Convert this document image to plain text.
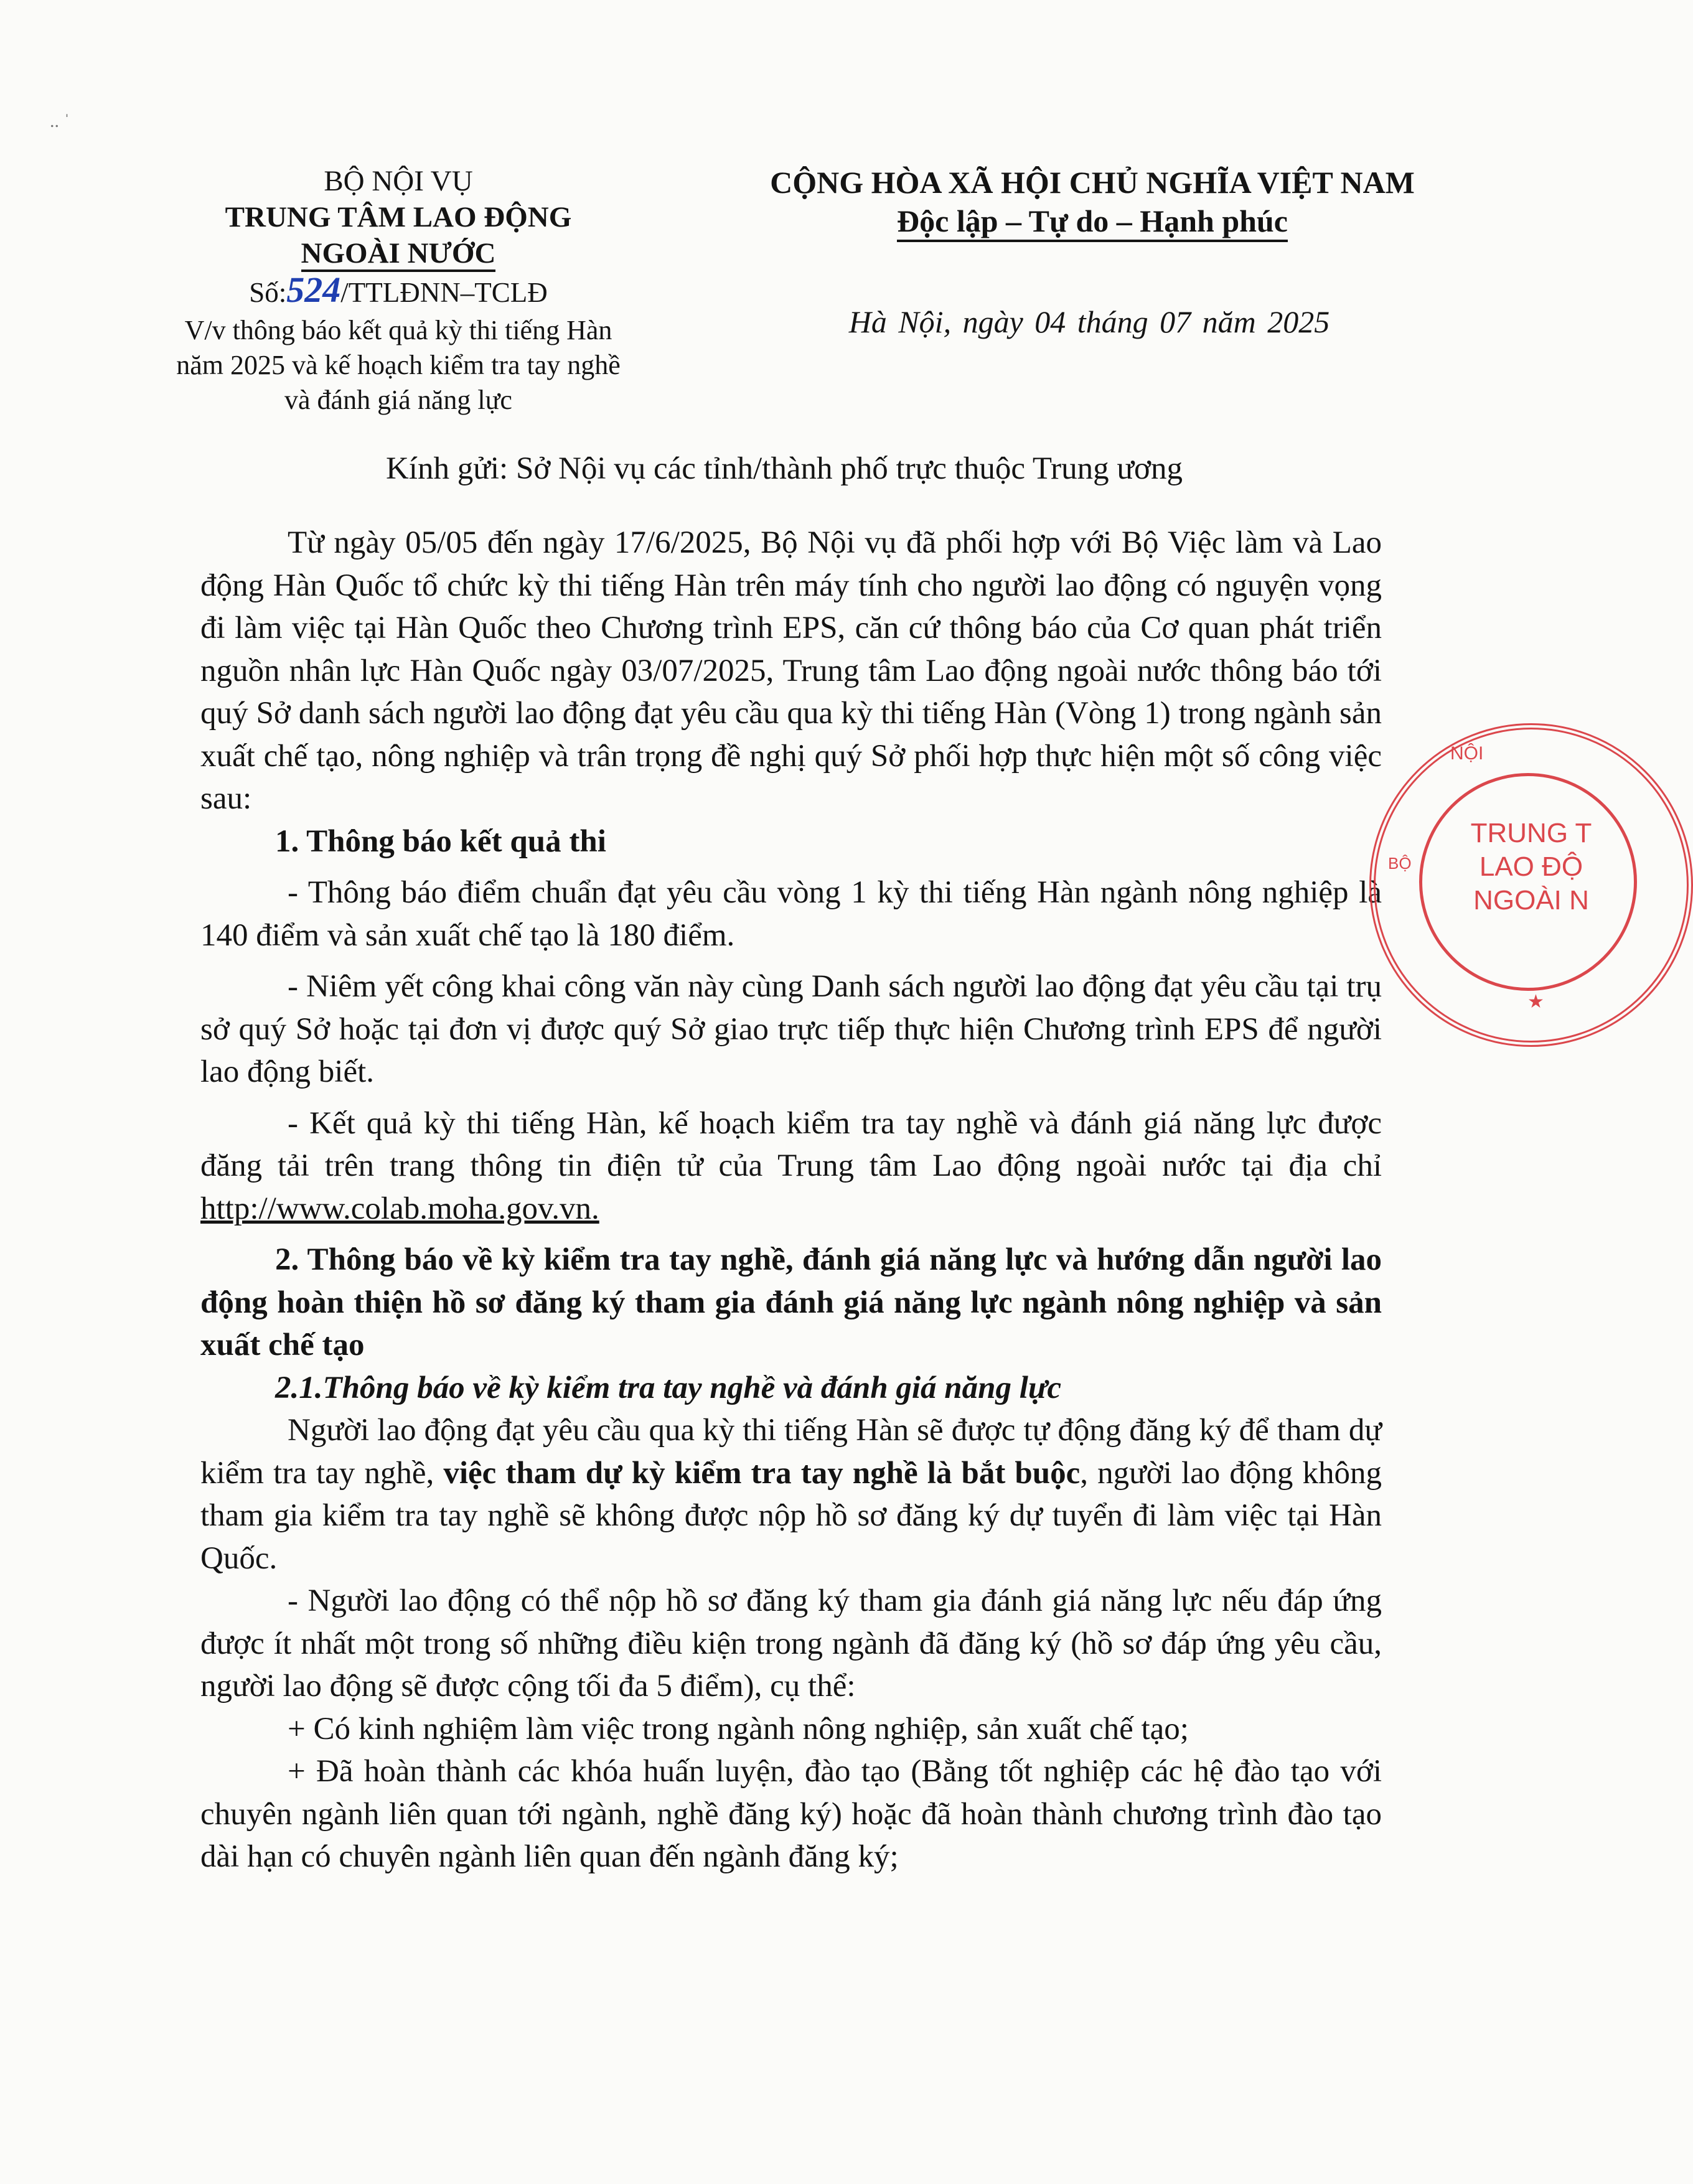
.. ˈ
BỘ NỘI VỤ
TRUNG TÂM LAO ĐỘNG
NGOÀI NƯỚC
Số:524/TTLĐNN–TCLĐ
V/v thông báo kết quả kỳ thi tiếng Hàn
năm 2025 và kế hoạch kiểm tra tay nghề
và đánh giá năng lực
CỘNG HÒA XÃ HỘI CHỦ NGHĨA VIỆT NAM
Độc lập – Tự do – Hạnh phúc
Hà Nội, ngày 04 tháng 07 năm 2025
Kính gửi: Sở Nội vụ các tỉnh/thành phố trực thuộc Trung ương

Từ ngày 05/05 đến ngày 17/6/2025, Bộ Nội vụ đã phối hợp với Bộ Việc làm và Lao động Hàn Quốc tổ chức kỳ thi tiếng Hàn trên máy tính cho người lao động có nguyện vọng đi làm việc tại Hàn Quốc theo Chương trình EPS, căn cứ thông báo của Cơ quan phát triển nguồn nhân lực Hàn Quốc ngày 03/07/2025, Trung tâm Lao động ngoài nước thông báo tới quý Sở danh sách người lao động đạt yêu cầu qua kỳ thi tiếng Hàn (Vòng 1) trong ngành sản xuất chế tạo, nông nghiệp và trân trọng đề nghị quý Sở phối hợp thực hiện một số công việc sau:

1. Thông báo kết quả thi

- Thông báo điểm chuẩn đạt yêu cầu vòng 1 kỳ thi tiếng Hàn ngành nông nghiệp là 140 điểm và sản xuất chế tạo là 180 điểm.

- Niêm yết công khai công văn này cùng Danh sách người lao động đạt yêu cầu tại trụ sở quý Sở hoặc tại đơn vị được quý Sở giao trực tiếp thực hiện Chương trình EPS để người lao động biết.

- Kết quả kỳ thi tiếng Hàn, kế hoạch kiểm tra tay nghề và đánh giá năng lực được đăng tải trên trang thông tin điện tử của Trung tâm Lao động ngoài nước tại địa chỉ http://www.colab.moha.gov.vn.

2. Thông báo về kỳ kiểm tra tay nghề, đánh giá năng lực và hướng dẫn người lao động hoàn thiện hồ sơ đăng ký tham gia đánh giá năng lực ngành nông nghiệp và sản xuất chế tạo

2.1.Thông báo về kỳ kiểm tra tay nghề và đánh giá năng lực

Người lao động đạt yêu cầu qua kỳ thi tiếng Hàn sẽ được tự động đăng ký để tham dự kiểm tra tay nghề, việc tham dự kỳ kiểm tra tay nghề là bắt buộc, người lao động không tham gia kiểm tra tay nghề sẽ không được nộp hồ sơ đăng ký dự tuyển đi làm việc tại Hàn Quốc.

- Người lao động có thể nộp hồ sơ đăng ký tham gia đánh giá năng lực nếu đáp ứng được ít nhất một trong số những điều kiện trong ngành đã đăng ký (hồ sơ đáp ứng yêu cầu, người lao động sẽ được cộng tối đa 5 điểm), cụ thể:

+ Có kinh nghiệm làm việc trong ngành nông nghiệp, sản xuất chế tạo;

+ Đã hoàn thành các khóa huấn luyện, đào tạo (Bằng tốt nghiệp các hệ đào tạo với chuyên ngành liên quan tới ngành, nghề đăng ký) hoặc đã hoàn thành chương trình đào tạo dài hạn có chuyên ngành liên quan đến ngành đăng ký;

NỘI
BỘ
TRUNG T
LAO ĐỘ
NGOÀI N
★
